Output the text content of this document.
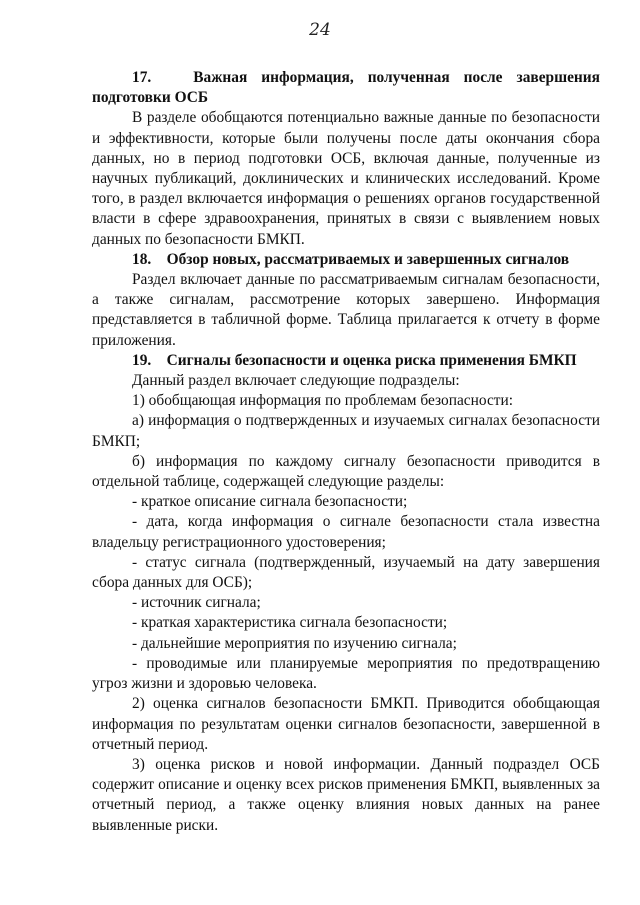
24

17.   Важная информация, полученная после завершения

подготовки ОСБ

В разделе обобщаются потенциально важные данные по безопасности и эффективности, которые были получены после даты окончания сбора данных, но в период подготовки ОСБ, включая данные, полученные из научных публикаций, доклинических и клинических исследований. Кроме того, в раздел включается информация о решениях органов государственной власти в сфере здравоохранения, принятых в связи с выявлением новых данных по безопасности БМКП.

18.    Обзор новых, рассматриваемых и завершенных сигналов

Раздел включает данные по рассматриваемым сигналам безопасности, а также сигналам, рассмотрение которых завершено. Информация представляется в табличной форме. Таблица прилагается к отчету в форме приложения.

19.    Сигналы безопасности и оценка риска применения БМКП

Данный раздел включает следующие подразделы:

1) обобщающая информация по проблемам безопасности:

а) информация о подтвержденных и изучаемых сигналах безопасности БМКП;

б) информация по каждому сигналу безопасности приводится в отдельной таблице, содержащей следующие разделы:

- краткое описание сигнала безопасности;

- дата, когда информация о сигнале безопасности стала известна владельцу регистрационного удостоверения;

- статус сигнала (подтвержденный, изучаемый на дату завершения сбора данных для ОСБ);

- источник сигнала;

- краткая характеристика сигнала безопасности;

- дальнейшие мероприятия по изучению сигнала;

- проводимые или планируемые мероприятия по предотвращению угроз жизни и здоровью человека.

2) оценка сигналов безопасности БМКП. Приводится обобщающая информация по результатам оценки сигналов безопасности, завершенной в отчетный период.

3) оценка рисков и новой информации. Данный подраздел ОСБ содержит описание и оценку всех рисков применения БМКП, выявленных за отчетный период, а также оценку влияния новых данных на ранее выявленные риски.
